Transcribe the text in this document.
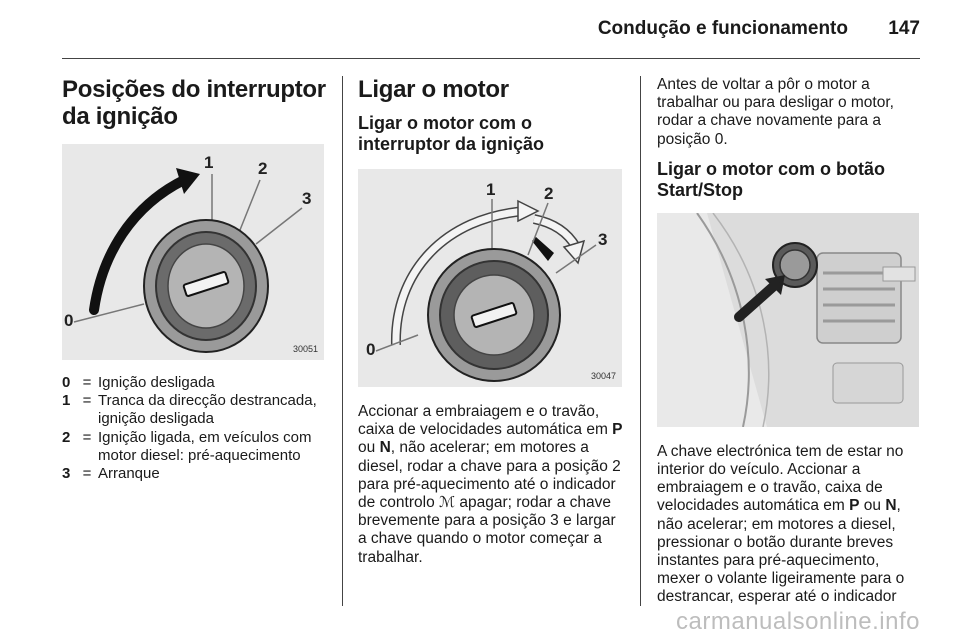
Condução e funcionamento 147
Posições do interruptor da ignição
0
1	2
3
30051
0 = Ignição desligada
1 = Tranca da direcção destrancada, ignição desligada
2 = Ignição ligada, em veículos com motor diesel: pré-aquecimento
3 = Arranque
Ligar o motor
Ligar o motor com o interruptor da ignição
0
1	2
3
30047

Accionar a embraiagem e o travão, caixa de velocidades automática em P ou N, não acelerar; em motores a diesel, rodar a chave para a posição 2 para pré-aquecimento até o indicador de controlo ℳ apagar; rodar a chave brevemente para a posição 3 e largar a chave quando o motor começar a trabalhar.

Antes de voltar a pôr o motor a trabalhar ou para desligar o motor, rodar a chave novamente para a posição 0.

Ligar o motor com o botão Start/Stop

A chave electrónica tem de estar no interior do veículo. Accionar a embraiagem e o travão, caixa de velocidades automática em P ou N, não acelerar; em motores a diesel, pressionar o botão durante breves instantes para pré-aquecimento, mexer o volante ligeiramente para o destrancar, esperar até o indicador

carmanualsonline.info
